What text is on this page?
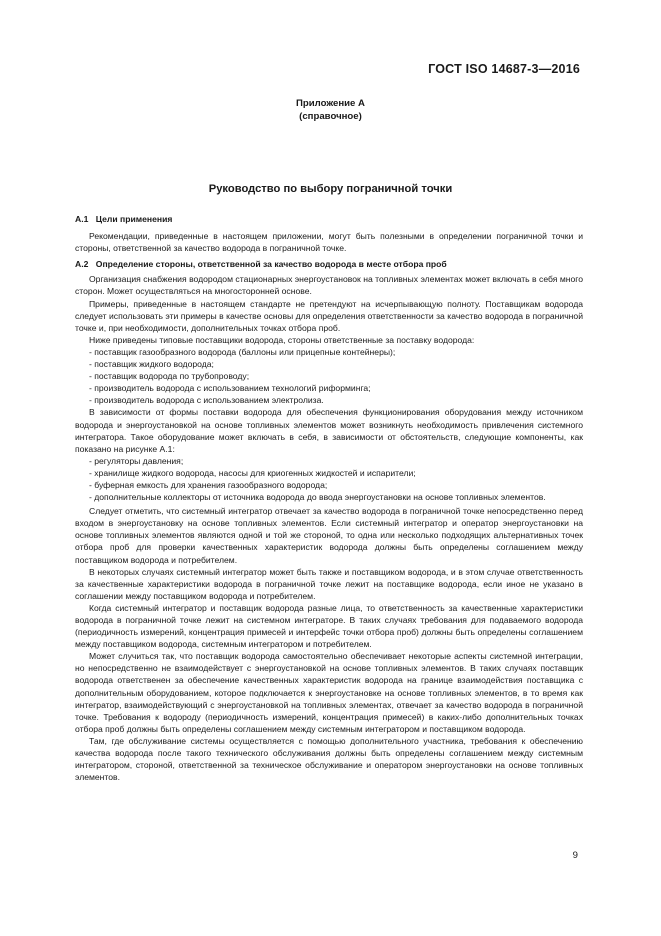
ГОСТ ISO 14687-3—2016
Приложение А
(справочное)
Руководство по выбору пограничной точки
А.1 Цели применения

Рекомендации, приведенные в настоящем приложении, могут быть полезными в определении пограничной точки и стороны, ответственной за качество водорода в пограничной точке.

А.2 Определение стороны, ответственной за качество водорода в месте отбора проб

Организация снабжения водородом стационарных энергоустановок на топливных элементах может включать в себя много сторон. Может осуществляться на многосторонней основе.

Примеры, приведенные в настоящем стандарте не претендуют на исчерпывающую полноту. Поставщикам водорода следует использовать эти примеры в качестве основы для определения ответственности за качество водорода в пограничной точке и, при необходимости, дополнительных точках отбора проб.

Ниже приведены типовые поставщики водорода, стороны ответственные за поставку водорода:

- поставщик газообразного водорода (баллоны или прицепные контейнеры);
- поставщик жидкого водорода;
- поставщик водорода по трубопроводу;
- производитель водорода с использованием технологий риформинга;
- производитель водорода с использованием электролиза.

В зависимости от формы поставки водорода для обеспечения функционирования оборудования между источником водорода и энергоустановкой на основе топливных элементов может возникнуть необходимость привлечения системного интегратора. Такое оборудование может включать в себя, в зависимости от обстоятельств, следующие компоненты, как показано на рисунке А.1:

- регуляторы давления;
- хранилище жидкого водорода, насосы для криогенных жидкостей и испарители;
- буферная емкость для хранения газообразного водорода;
- дополнительные коллекторы от источника водорода до ввода энергоустановки на основе топливных элементов.

Следует отметить, что системный интегратор отвечает за качество водорода в пограничной точке непосредственно перед входом в энергоустановку на основе топливных элементов. Если системный интегратор и оператор энергоустановки на основе топливных элементов являются одной и той же стороной, то одна или несколько подходящих альтернативных точек отбора проб для проверки качественных характеристик водорода должны быть определены соглашением между поставщиком водорода и потребителем.

В некоторых случаях системный интегратор может быть также и поставщиком водорода, и в этом случае ответственность за качественные характеристики водорода в пограничной точке лежит на поставщике водорода, если иное не указано в соглашении между поставщиком водорода и потребителем.

Когда системный интегратор и поставщик водорода разные лица, то ответственность за качественные характеристики водорода в пограничной точке лежит на системном интеграторе. В таких случаях требования для подаваемого водорода (периодичность измерений, концентрация примесей и интерфейс точки отбора проб) должны быть определены соглашением между поставщиком водорода, системным интегратором и потребителем.

Может случиться так, что поставщик водорода самостоятельно обеспечивает некоторые аспекты системной интеграции, но непосредственно не взаимодействует с энергоустановкой на основе топливных элементов. В таких случаях поставщик водорода ответственен за обеспечение качественных характеристик водорода на границе взаимодействия поставщика с дополнительным оборудованием, которое подключается к энергоустановке на основе топливных элементов, в то время как интегратор, взаимодействующий с энергоустановкой на топливных элементах, отвечает за качество водорода в пограничной точке. Требования к водороду (периодичность измерений, концентрация примесей) в каких-либо дополнительных точках отбора проб должны быть определены соглашением между системным интегратором и поставщиком водорода.

Там, где обслуживание системы осуществляется с помощью дополнительного участника, требования к обеспечению качества водорода после такого технического обслуживания должны быть определены соглашением между системным интегратором, стороной, ответственной за техническое обслуживание и оператором энергоустановки на основе топливных элементов.

9
